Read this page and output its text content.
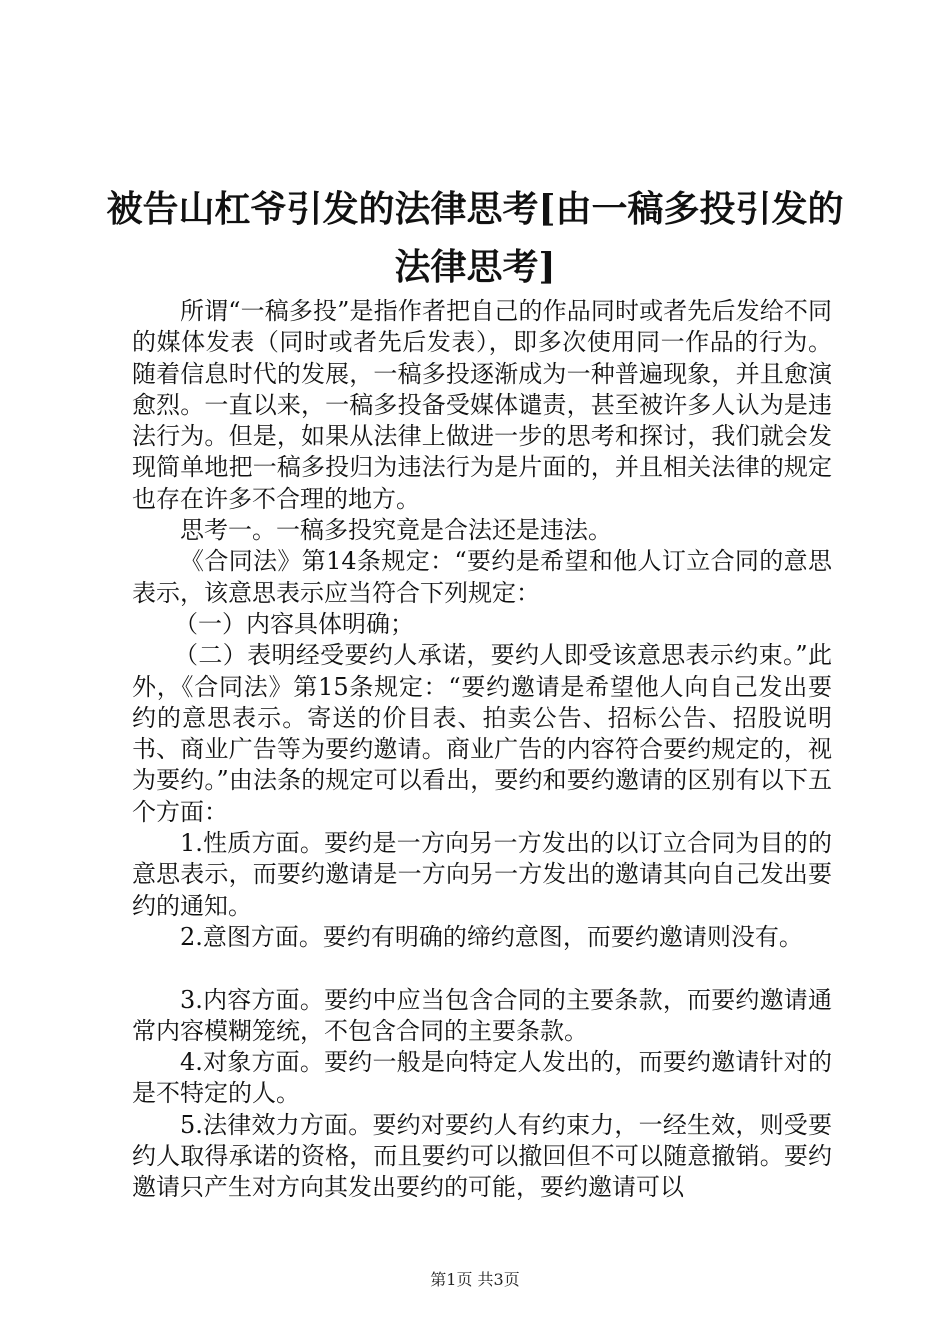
被告山杠爷引发的法律思考[由一稿多投引发的法律思考]

所谓“一稿多投”是指作者把自己的作品同时或者先后发给不同的媒体发表（同时或者先后发表），即多次使用同一作品的行为。随着信息时代的发展，一稿多投逐渐成为一种普遍现象，并且愈演愈烈。一直以来，一稿多投备受媒体谴责，甚至被许多人认为是违法行为。但是，如果从法律上做进一步的思考和探讨，我们就会发现简单地把一稿多投归为违法行为是片面的，并且相关法律的规定也存在许多不合理的地方。

思考一。一稿多投究竟是合法还是违法。

《合同法》第14条规定：“要约是希望和他人订立合同的意思表示，该意思表示应当符合下列规定：

（一）内容具体明确；

（二）表明经受要约人承诺，要约人即受该意思表示约束。”此外，《合同法》第15条规定：“要约邀请是希望他人向自己发出要约的意思表示。寄送的价目表、拍卖公告、招标公告、招股说明书、商业广告等为要约邀请。商业广告的内容符合要约规定的，视为要约。”由法条的规定可以看出，要约和要约邀请的区别有以下五个方面：

1.性质方面。要约是一方向另一方发出的以订立合同为目的的意思表示，而要约邀请是一方向另一方发出的邀请其向自己发出要约的通知。

2.意图方面。要约有明确的缔约意图，而要约邀请则没有。

3.内容方面。要约中应当包含合同的主要条款，而要约邀请通常内容模糊笼统，不包含合同的主要条款。

4.对象方面。要约一般是向特定人发出的，而要约邀请针对的是不特定的人。

5.法律效力方面。要约对要约人有约束力，一经生效，则受要约人取得承诺的资格，而且要约可以撤回但不可以随意撤销。要约邀请只产生对方向其发出要约的可能，要约邀请可以

第1页 共3页
